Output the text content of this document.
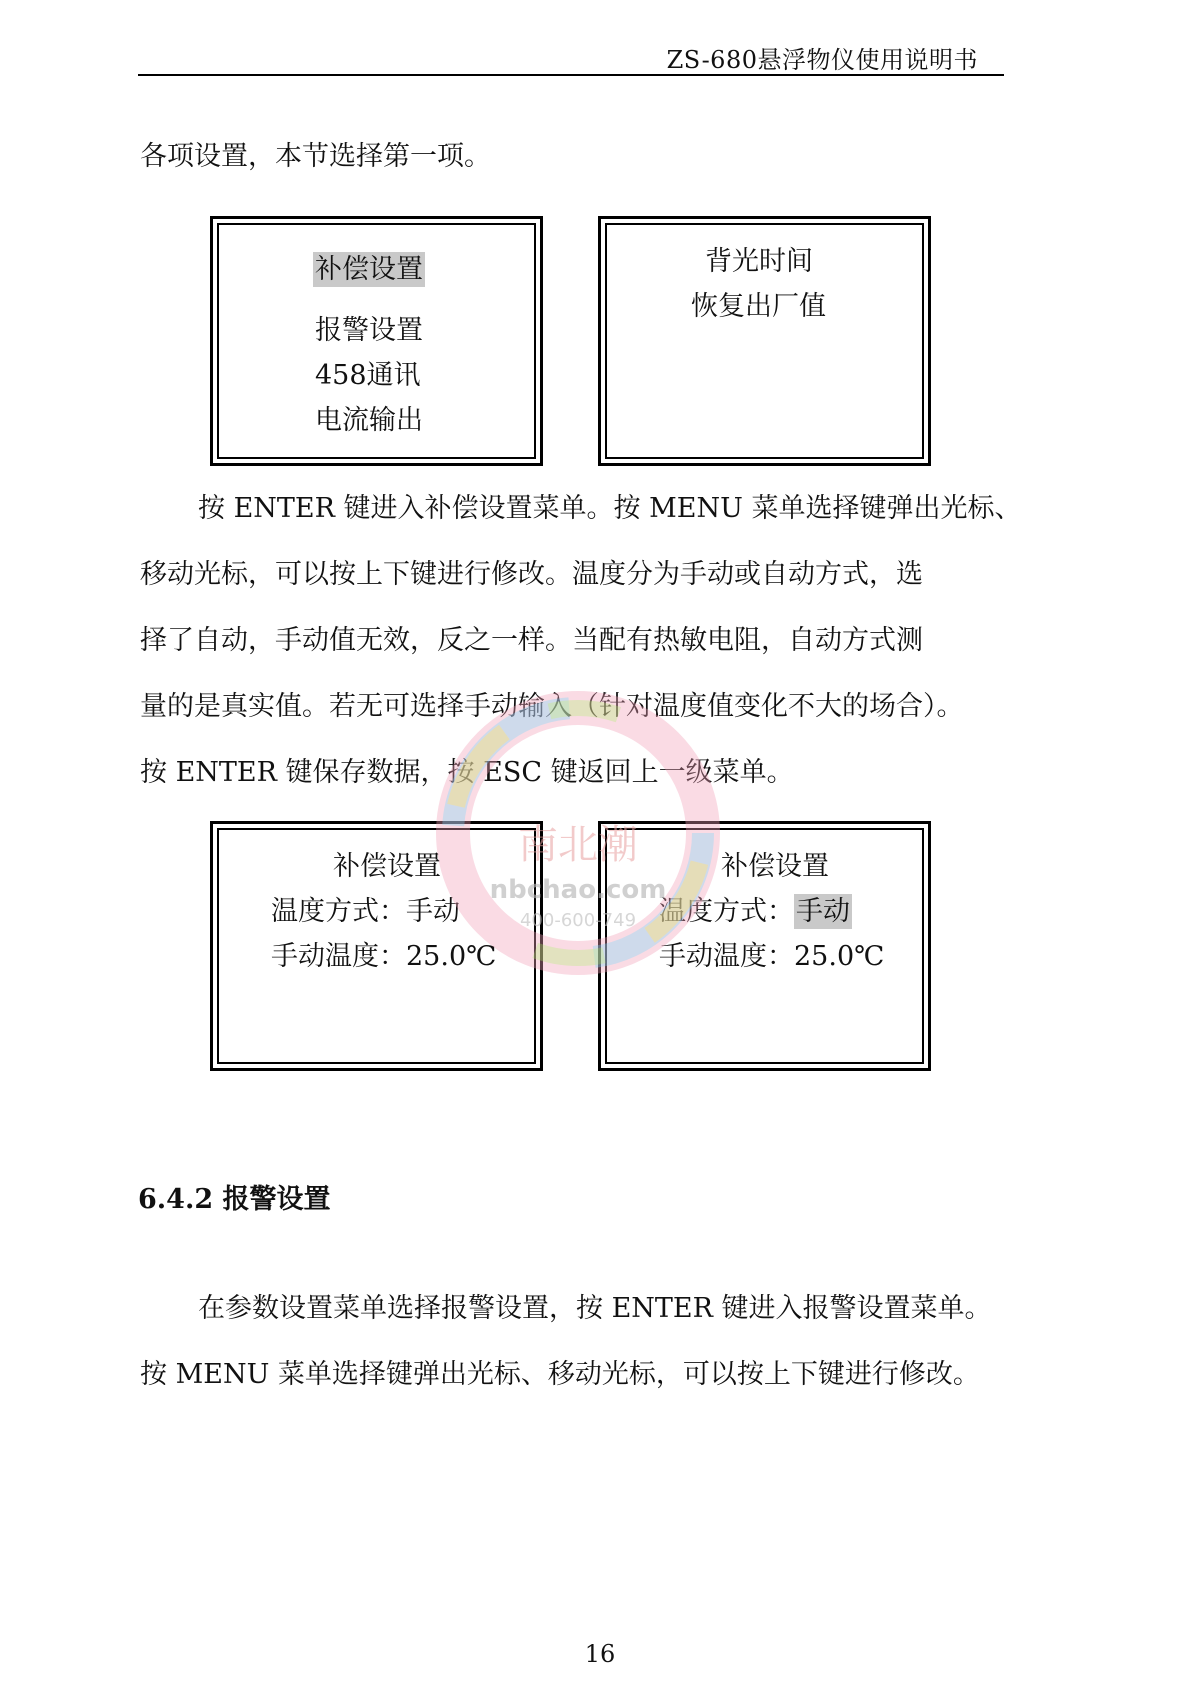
ZS-680悬浮物仪使用说明书

各项设置，本节选择第一项。

补偿设置
报警设置
458通讯
电流输出
背光时间
恢复出厂值
按 ENTER 键进入补偿设置菜单。按 MENU 菜单选择键弹出光标、
移动光标，可以按上下键进行修改。温度分为手动或自动方式，选
择了自动，手动值无效，反之一样。当配有热敏电阻，自动方式测
量的是真实值。若无可选择手动输入（针对温度值变化不大的场合）。
按 ENTER 键保存数据，按 ESC 键返回上一级菜单。
补偿设置
温度方式：手动
手动温度：25.0℃
补偿设置
温度方式：手动
手动温度：25.0℃
南北潮
nbchao.com
400-600-749
6.4.2 报警设置
在参数设置菜单选择报警设置，按 ENTER 键进入报警设置菜单。
按 MENU 菜单选择键弹出光标、移动光标，可以按上下键进行修改。
16
